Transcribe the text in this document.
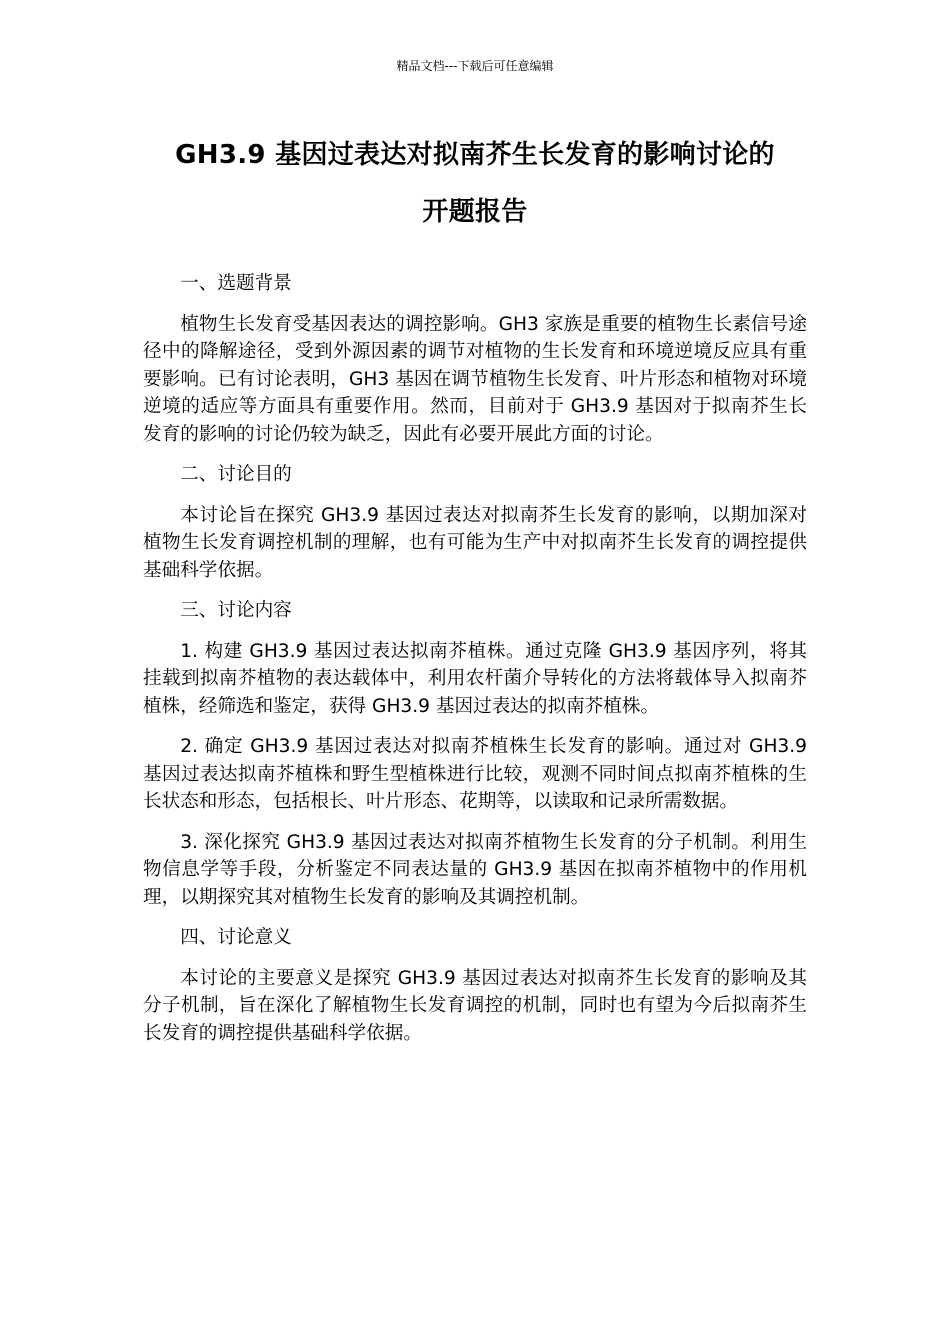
精品文档---下载后可任意编辑
GH3.9 基因过表达对拟南芥生长发育的影响讨论的
开题报告

一、选题背景

植物生长发育受基因表达的调控影响。GH3 家族是重要的植物生长素信号途径中的降解途径，受到外源因素的调节对植物的生长发育和环境逆境反应具有重要影响。已有讨论表明，GH3 基因在调节植物生长发育、叶片形态和植物对环境逆境的适应等方面具有重要作用。然而，目前对于 GH3.9 基因对于拟南芥生长发育的影响的讨论仍较为缺乏，因此有必要开展此方面的讨论。

二、讨论目的

本讨论旨在探究 GH3.9 基因过表达对拟南芥生长发育的影响，以期加深对植物生长发育调控机制的理解，也有可能为生产中对拟南芥生长发育的调控提供基础科学依据。

三、讨论内容

1. 构建 GH3.9 基因过表达拟南芥植株。通过克隆 GH3.9 基因序列，将其挂载到拟南芥植物的表达载体中，利用农杆菌介导转化的方法将载体导入拟南芥植株，经筛选和鉴定，获得 GH3.9 基因过表达的拟南芥植株。

2. 确定 GH3.9 基因过表达对拟南芥植株生长发育的影响。通过对 GH3.9 基因过表达拟南芥植株和野生型植株进行比较，观测不同时间点拟南芥植株的生长状态和形态，包括根长、叶片形态、花期等，以读取和记录所需数据。

3. 深化探究 GH3.9 基因过表达对拟南芥植物生长发育的分子机制。利用生物信息学等手段，分析鉴定不同表达量的 GH3.9 基因在拟南芥植物中的作用机理，以期探究其对植物生长发育的影响及其调控机制。

四、讨论意义

本讨论的主要意义是探究 GH3.9 基因过表达对拟南芥生长发育的影响及其分子机制，旨在深化了解植物生长发育调控的机制，同时也有望为今后拟南芥生长发育的调控提供基础科学依据。
